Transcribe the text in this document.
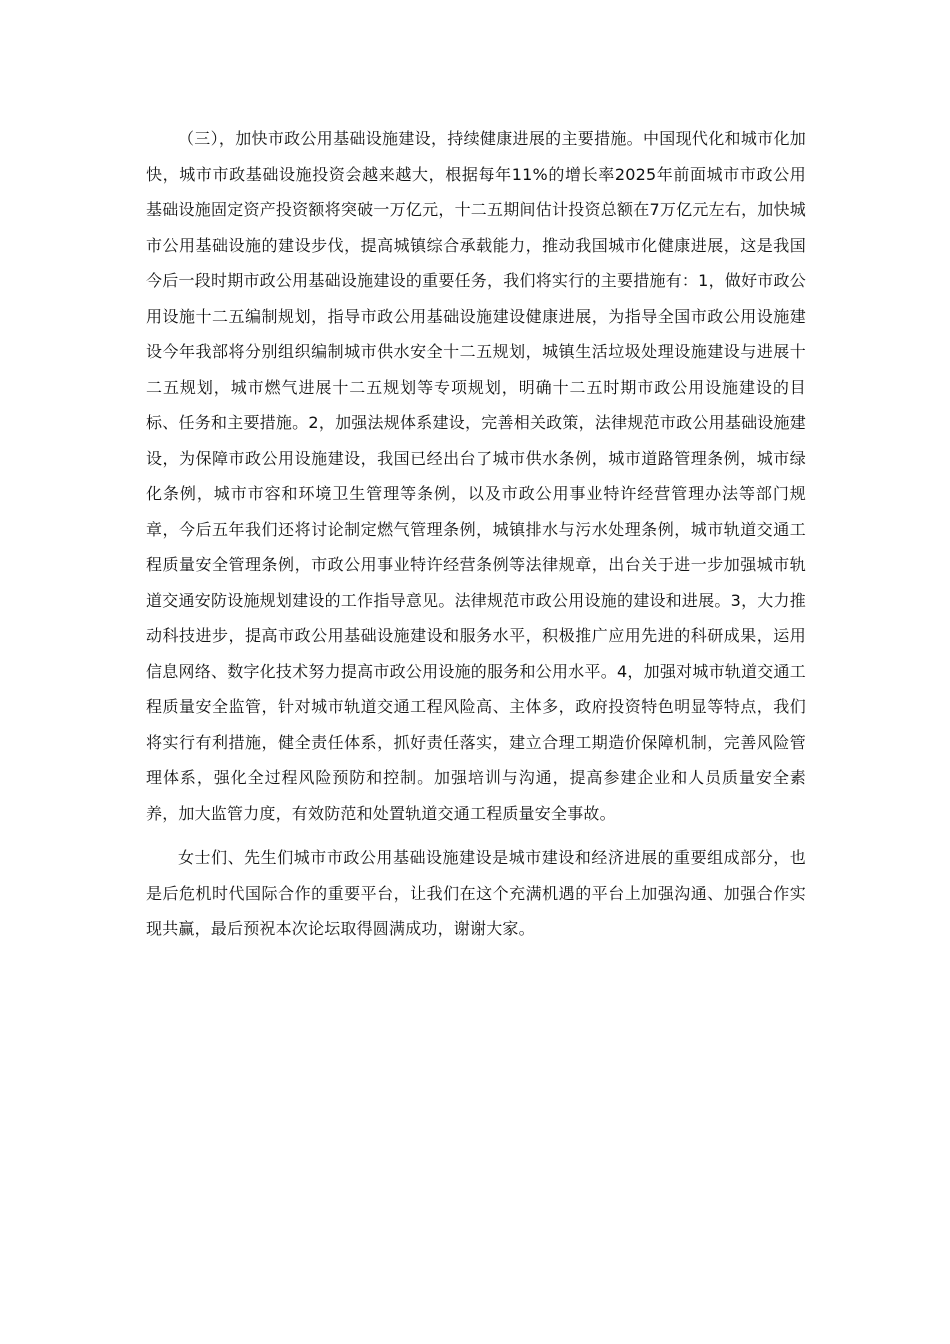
（三），加快市政公用基础设施建设，持续健康进展的主要措施。中国现代化和城市化加快，城市市政基础设施投资会越来越大，根据每年11%的增长率2025年前面城市市政公用基础设施固定资产投资额将突破一万亿元，十二五期间估计投资总额在7万亿元左右，加快城市公用基础设施的建设步伐，提高城镇综合承载能力，推动我国城市化健康进展，这是我国今后一段时期市政公用基础设施建设的重要任务，我们将实行的主要措施有：1，做好市政公用设施十二五编制规划，指导市政公用基础设施建设健康进展，为指导全国市政公用设施建设今年我部将分别组织编制城市供水安全十二五规划，城镇生活垃圾处理设施建设与进展十二五规划，城市燃气进展十二五规划等专项规划，明确十二五时期市政公用设施建设的目标、任务和主要措施。2，加强法规体系建设，完善相关政策，法律规范市政公用基础设施建设，为保障市政公用设施建设，我国已经出台了城市供水条例，城市道路管理条例，城市绿化条例，城市市容和环境卫生管理等条例，以及市政公用事业特许经营管理办法等部门规章，今后五年我们还将讨论制定燃气管理条例，城镇排水与污水处理条例，城市轨道交通工程质量安全管理条例，市政公用事业特许经营条例等法律规章，出台关于进一步加强城市轨道交通安防设施规划建设的工作指导意见。法律规范市政公用设施的建设和进展。3，大力推动科技进步，提高市政公用基础设施建设和服务水平，积极推广应用先进的科研成果，运用信息网络、数字化技术努力提高市政公用设施的服务和公用水平。4，加强对城市轨道交通工程质量安全监管，针对城市轨道交通工程风险高、主体多，政府投资特色明显等特点，我们将实行有利措施，健全责任体系，抓好责任落实，建立合理工期造价保障机制，完善风险管理体系，强化全过程风险预防和控制。加强培训与沟通，提高参建企业和人员质量安全素养，加大监管力度，有效防范和处置轨道交通工程质量安全事故。

女士们、先生们城市市政公用基础设施建设是城市建设和经济进展的重要组成部分，也是后危机时代国际合作的重要平台，让我们在这个充满机遇的平台上加强沟通、加强合作实现共赢，最后预祝本次论坛取得圆满成功，谢谢大家。
